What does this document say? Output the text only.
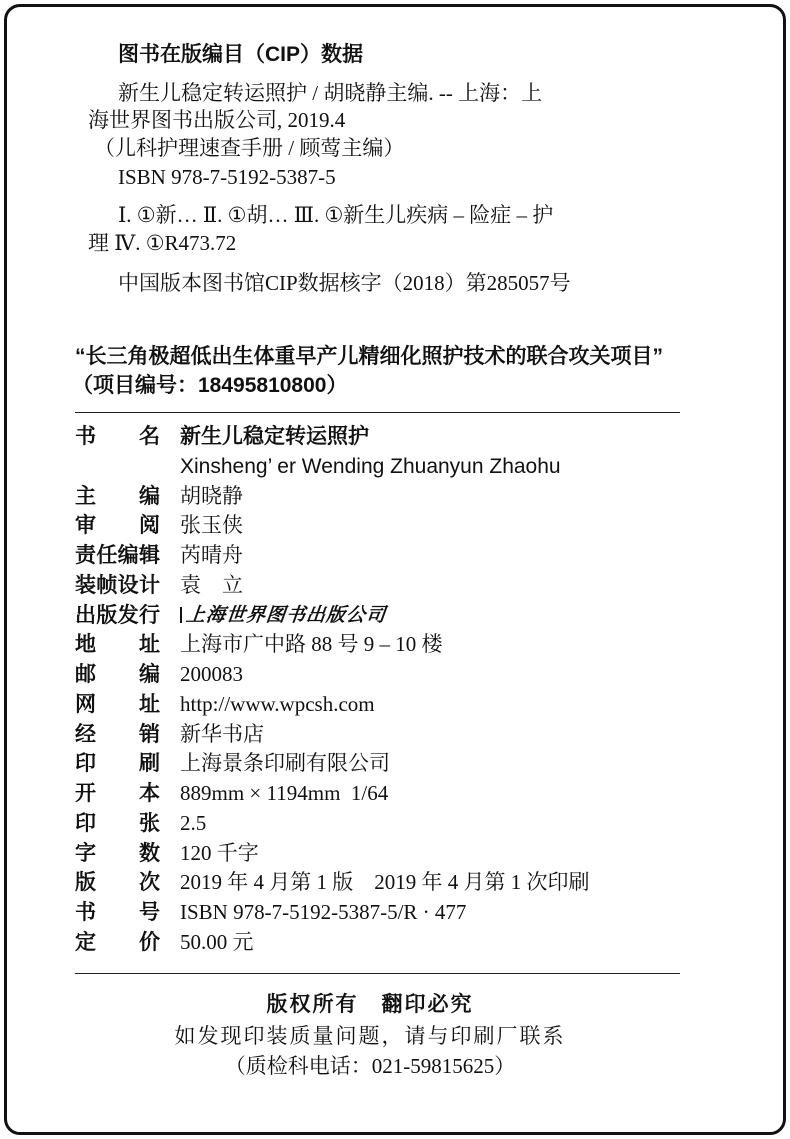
图书在版编目（CIP）数据
新生儿稳定转运照护 / 胡晓静主编. -- 上海：上
海世界图书出版公司, 2019.4
（儿科护理速查手册 / 顾莺主编）
ISBN 978-7-5192-5387-5
Ⅰ. ①新… Ⅱ. ①胡… Ⅲ. ①新生儿疾病 – 险症 – 护
理 Ⅳ. ①R473.72
中国版本图书馆CIP数据核字（2018）第285057号
“长三角极超低出生体重早产儿精细化照护技术的联合攻关项目”
（项目编号：18495810800）
书 名 新生儿稳定转运照护
Xinsheng’ er Wending Zhuanyun Zhaohu
主 编 胡晓静
审 阅 张玉侠
责 任 编 辑 芮晴舟
装 帧 设 计 袁　立
出 版 发 行 上海世界图书出版公司
地 址 上海市广中路 88 号 9 – 10 楼
邮 编 200083
网 址 http://www.wpcsh.com
经 销 新华书店
印 刷 上海景条印刷有限公司
开 本 889mm × 1194mm  1/64
印 张 2.5
字 数 120 千字
版 次 2019 年 4 月第 1 版　2019 年 4 月第 1 次印刷
书 号 ISBN 978-7-5192-5387-5/R · 477
定 价 50.00 元
版权所有　翻印必究
如发现印装质量问题，请与印刷厂联系
（质检科电话：021-59815625）
